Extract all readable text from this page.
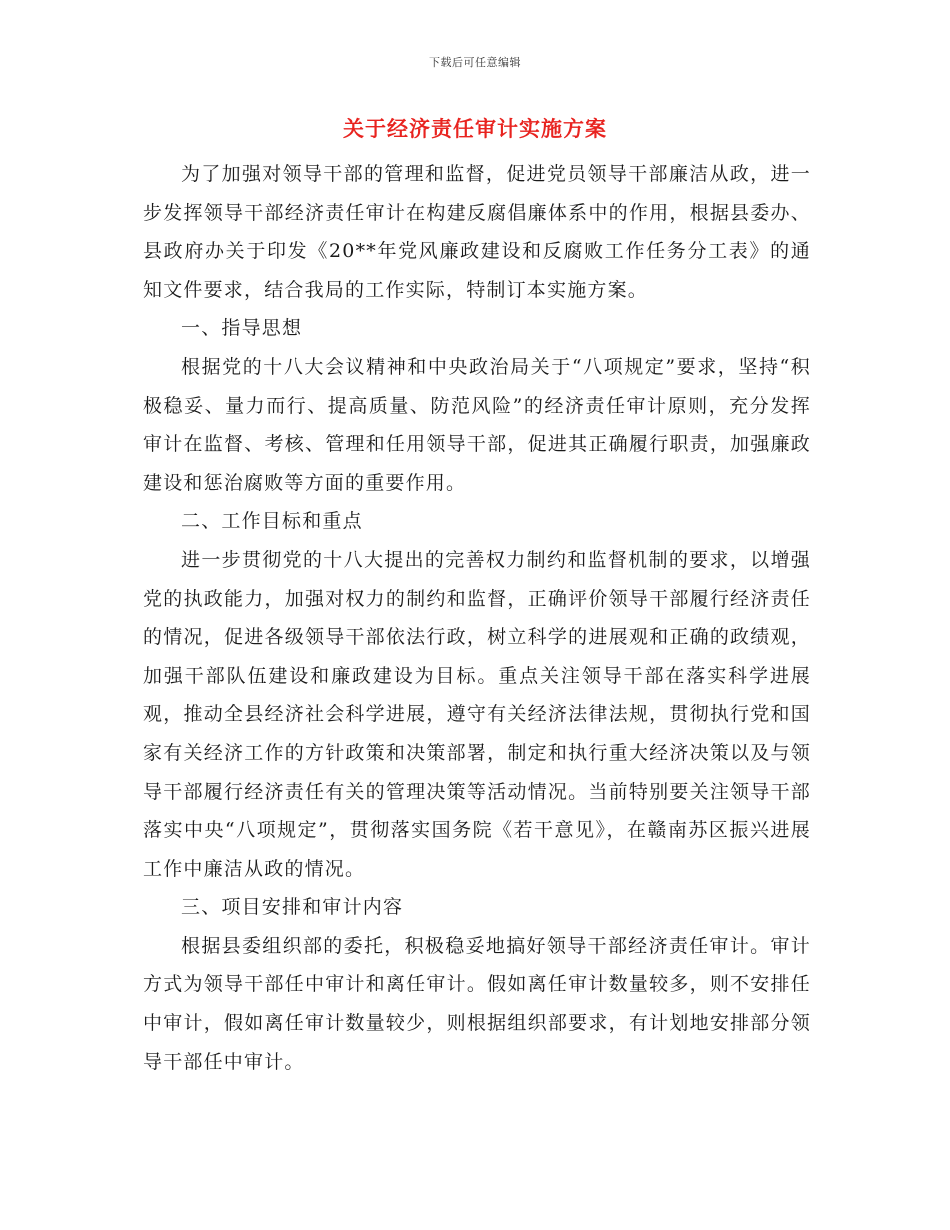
下载后可任意编辑
关于经济责任审计实施方案

为了加强对领导干部的管理和监督，促进党员领导干部廉洁从政，进一步发挥领导干部经济责任审计在构建反腐倡廉体系中的作用，根据县委办、县政府办关于印发《20**年党风廉政建设和反腐败工作任务分工表》的通知文件要求，结合我局的工作实际，特制订本实施方案。

一、指导思想

根据党的十八大会议精神和中央政治局关于“八项规定”要求，坚持“积极稳妥、量力而行、提高质量、防范风险”的经济责任审计原则，充分发挥审计在监督、考核、管理和任用领导干部，促进其正确履行职责，加强廉政建设和惩治腐败等方面的重要作用。

二、工作目标和重点

进一步贯彻党的十八大提出的完善权力制约和监督机制的要求，以增强党的执政能力，加强对权力的制约和监督，正确评价领导干部履行经济责任的情况，促进各级领导干部依法行政，树立科学的进展观和正确的政绩观，加强干部队伍建设和廉政建设为目标。重点关注领导干部在落实科学进展观，推动全县经济社会科学进展，遵守有关经济法律法规，贯彻执行党和国家有关经济工作的方针政策和决策部署，制定和执行重大经济决策以及与领导干部履行经济责任有关的管理决策等活动情况。当前特别要关注领导干部落实中央“八项规定”，贯彻落实国务院《若干意见》，在赣南苏区振兴进展工作中廉洁从政的情况。

三、项目安排和审计内容

根据县委组织部的委托，积极稳妥地搞好领导干部经济责任审计。审计方式为领导干部任中审计和离任审计。假如离任审计数量较多，则不安排任中审计，假如离任审计数量较少，则根据组织部要求，有计划地安排部分领导干部任中审计。
